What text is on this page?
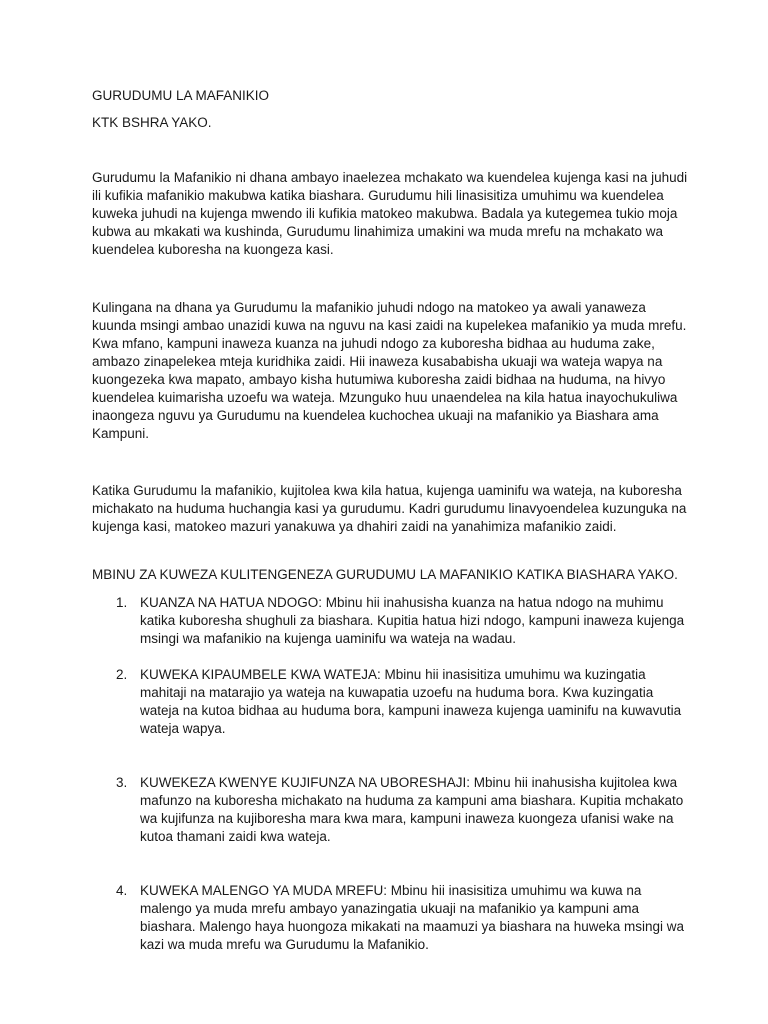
GURUDUMU LA MAFANIKIO

KTK BSHRA YAKO.

Gurudumu la Mafanikio ni dhana ambayo inaelezea mchakato wa kuendelea kujenga kasi na juhudi ili kufikia mafanikio makubwa katika biashara. Gurudumu hili linasisitiza umuhimu wa kuendelea kuweka juhudi na kujenga mwendo ili kufikia matokeo makubwa. Badala ya kutegemea tukio moja kubwa au mkakati wa kushinda, Gurudumu linahimiza umakini wa muda mrefu na mchakato wa kuendelea kuboresha na kuongeza kasi.

Kulingana na dhana ya Gurudumu la mafanikio juhudi ndogo na matokeo ya awali yanaweza kuunda msingi ambao unazidi kuwa na nguvu na kasi zaidi na kupelekea mafanikio ya muda mrefu. Kwa mfano, kampuni inaweza kuanza na juhudi ndogo za kuboresha bidhaa au huduma zake, ambazo zinapelekea mteja kuridhika zaidi. Hii inaweza kusababisha ukuaji wa wateja wapya na kuongezeka kwa mapato, ambayo kisha hutumiwa kuboresha zaidi bidhaa na huduma, na hivyo kuendelea kuimarisha uzoefu wa wateja. Mzunguko huu unaendelea na kila hatua inayochukuliwa inaongeza nguvu ya Gurudumu na kuendelea kuchochea ukuaji na mafanikio ya Biashara ama Kampuni.

Katika Gurudumu la mafanikio, kujitolea kwa kila hatua, kujenga uaminifu wa wateja, na kuboresha michakato na huduma huchangia kasi ya gurudumu. Kadri gurudumu linavyoendelea kuzunguka na kujenga kasi, matokeo mazuri yanakuwa ya dhahiri zaidi na yanahimiza mafanikio zaidi.

MBINU ZA KUWEZA KULITENGENEZA GURUDUMU LA MAFANIKIO KATIKA BIASHARA YAKO.

1. KUANZA NA HATUA NDOGO: Mbinu hii inahusisha kuanza na hatua ndogo na muhimu katika kuboresha shughuli za biashara. Kupitia hatua hizi ndogo, kampuni inaweza kujenga msingi wa mafanikio na kujenga uaminifu wa wateja na wadau.
2. KUWEKA KIPAUMBELE KWA WATEJA: Mbinu hii inasisitiza umuhimu wa kuzingatia mahitaji na matarajio ya wateja na kuwapatia uzoefu na huduma bora. Kwa kuzingatia wateja na kutoa bidhaa au huduma bora, kampuni inaweza kujenga uaminifu na kuwavutia wateja wapya.
3. KUWEKEZA KWENYE KUJIFUNZA NA UBORESHAJI: Mbinu hii inahusisha kujitolea kwa mafunzo na kuboresha michakato na huduma za kampuni ama biashara. Kupitia mchakato wa kujifunza na kujiboresha mara kwa mara, kampuni inaweza kuongeza ufanisi wake na kutoa thamani zaidi kwa wateja.
4. KUWEKA MALENGO YA MUDA MREFU: Mbinu hii inasisitiza umuhimu wa kuwa na malengo ya muda mrefu ambayo yanazingatia ukuaji na mafanikio ya kampuni ama biashara. Malengo haya huongoza mikakati na maamuzi ya biashara na huweka msingi wa kazi wa muda mrefu wa Gurudumu la Mafanikio.
